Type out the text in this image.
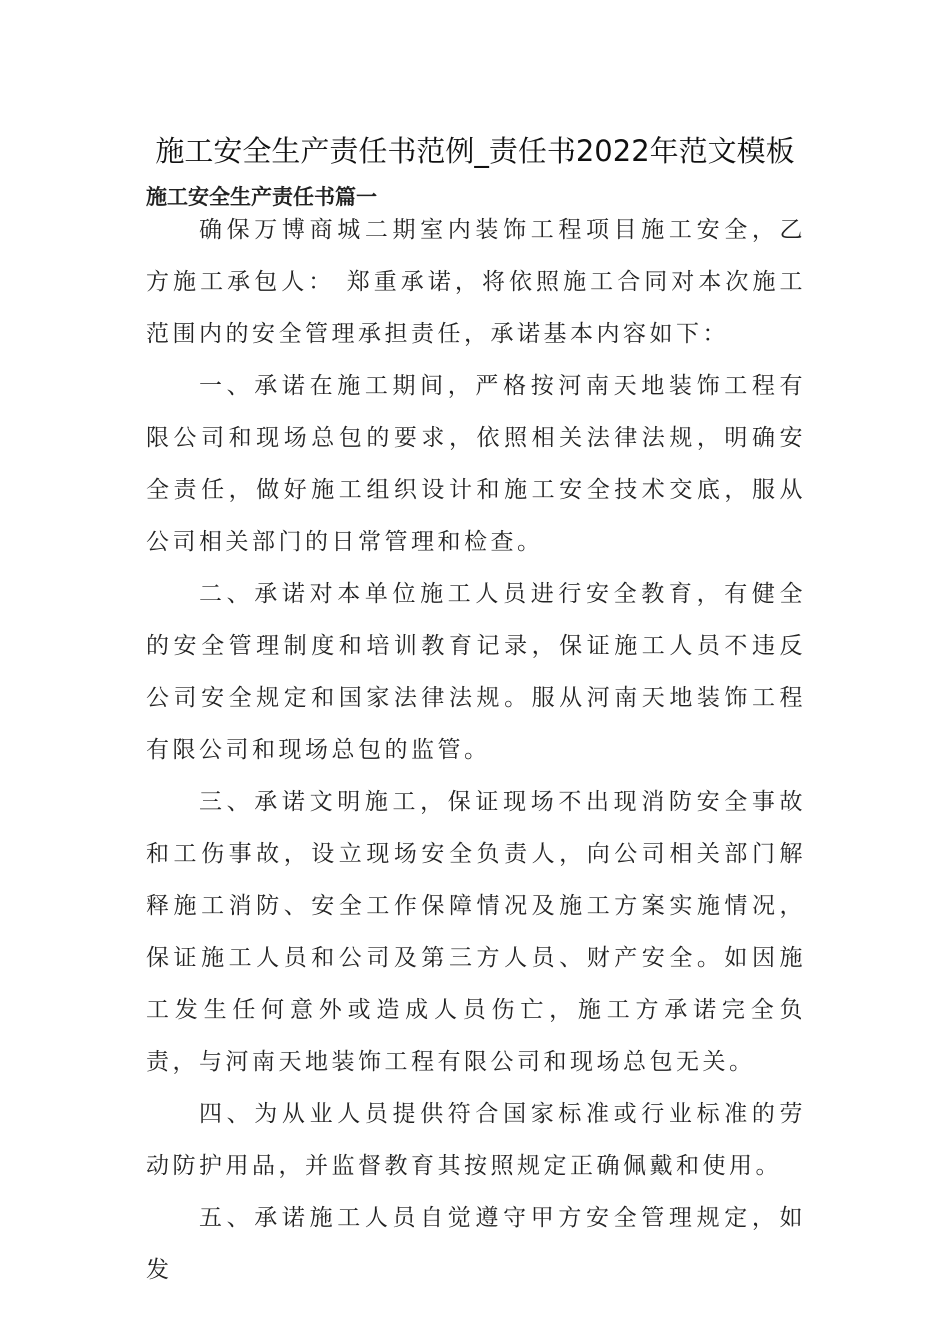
施工安全生产责任书范例_责任书2022年范文模板
施工安全生产责任书篇一

确保万博商城二期室内装饰工程项目施工安全，乙方施工承包人： 郑重承诺，将依照施工合同对本次施工范围内的安全管理承担责任，承诺基本内容如下：

一、承诺在施工期间，严格按河南天地装饰工程有限公司和现场总包的要求，依照相关法律法规，明确安全责任，做好施工组织设计和施工安全技术交底，服从公司相关部门的日常管理和检查。

二、承诺对本单位施工人员进行安全教育，有健全的安全管理制度和培训教育记录，保证施工人员不违反公司安全规定和国家法律法规。服从河南天地装饰工程有限公司和现场总包的监管。

三、承诺文明施工，保证现场不出现消防安全事故和工伤事故，设立现场安全负责人，向公司相关部门解释施工消防、安全工作保障情况及施工方案实施情况，保证施工人员和公司及第三方人员、财产安全。如因施工发生任何意外或造成人员伤亡，施工方承诺完全负责，与河南天地装饰工程有限公司和现场总包无关。

四、为从业人员提供符合国家标准或行业标准的劳动防护用品，并监督教育其按照规定正确佩戴和使用。

五、承诺施工人员自觉遵守甲方安全管理规定，如发
